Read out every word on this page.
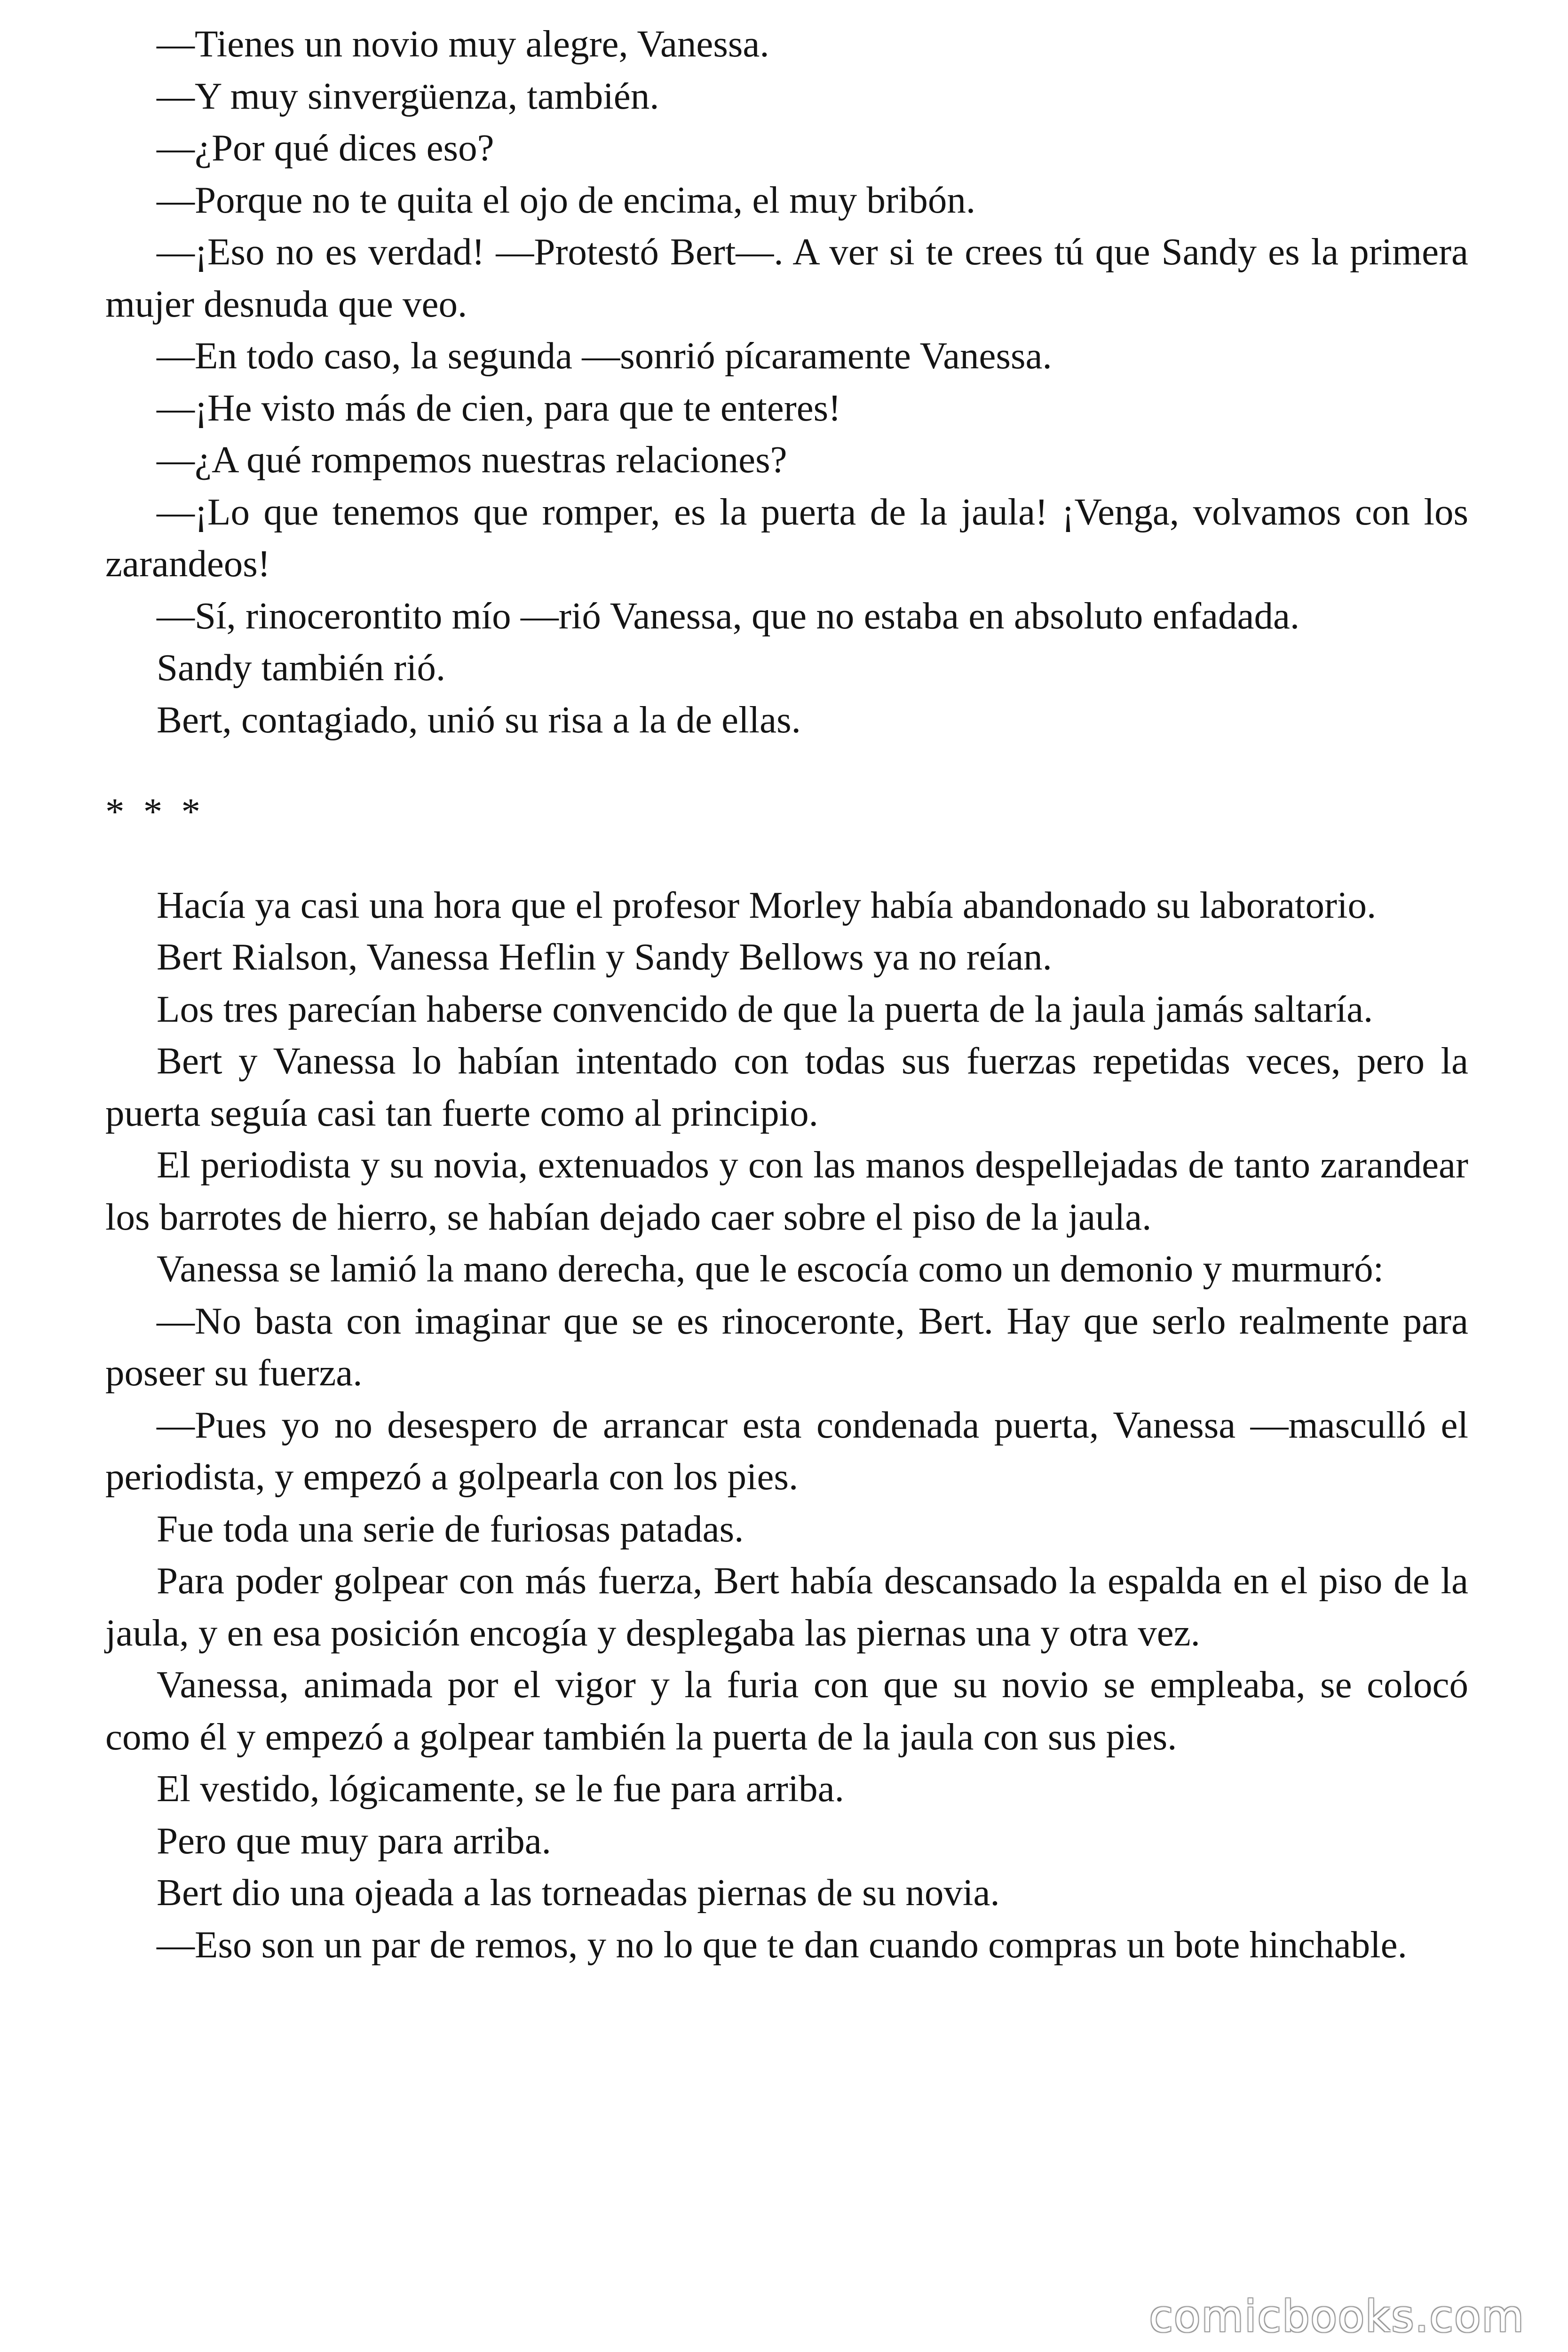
—Tienes un novio muy alegre, Vanessa.

—Y muy sinvergüenza, también.

—¿Por qué dices eso?

—Porque no te quita el ojo de encima, el muy bribón.

—¡Eso no es verdad! —Protestó Bert—. A ver si te crees tú que Sandy es la primera mujer desnuda que veo.

—En todo caso, la segunda —sonrió pícaramente Vanessa.

—¡He visto más de cien, para que te enteres!

—¿A qué rompemos nuestras relaciones?

—¡Lo que tenemos que romper, es la puerta de la jaula! ¡Venga, volvamos con los zarandeos!

—Sí, rinocerontito mío —rió Vanessa, que no estaba en absoluto enfadada.

Sandy también rió.

Bert, contagiado, unió su risa a la de ellas.

* * *

Hacía ya casi una hora que el profesor Morley había abandonado su laboratorio.

Bert Rialson, Vanessa Heflin y Sandy Bellows ya no reían.

Los tres parecían haberse convencido de que la puerta de la jaula jamás saltaría.

Bert y Vanessa lo habían intentado con todas sus fuerzas repetidas veces, pero la puerta seguía casi tan fuerte como al principio.

El periodista y su novia, extenuados y con las manos despellejadas de tanto zarandear los barrotes de hierro, se habían dejado caer sobre el piso de la jaula.

Vanessa se lamió la mano derecha, que le escocía como un demonio y murmuró:

—No basta con imaginar que se es rinoceronte, Bert. Hay que serlo realmente para poseer su fuerza.

—Pues yo no desespero de arrancar esta condenada puerta, Vanessa —masculló el periodista, y empezó a golpearla con los pies.

Fue toda una serie de furiosas patadas.

Para poder golpear con más fuerza, Bert había descansado la espalda en el piso de la jaula, y en esa posición encogía y desplegaba las piernas una y otra vez.

Vanessa, animada por el vigor y la furia con que su novio se empleaba, se colocó como él y empezó a golpear también la puerta de la jaula con sus pies.

El vestido, lógicamente, se le fue para arriba.

Pero que muy para arriba.

Bert dio una ojeada a las torneadas piernas de su novia.

—Eso son un par de remos, y no lo que te dan cuando compras un bote hinchable.

comicbooks.com
